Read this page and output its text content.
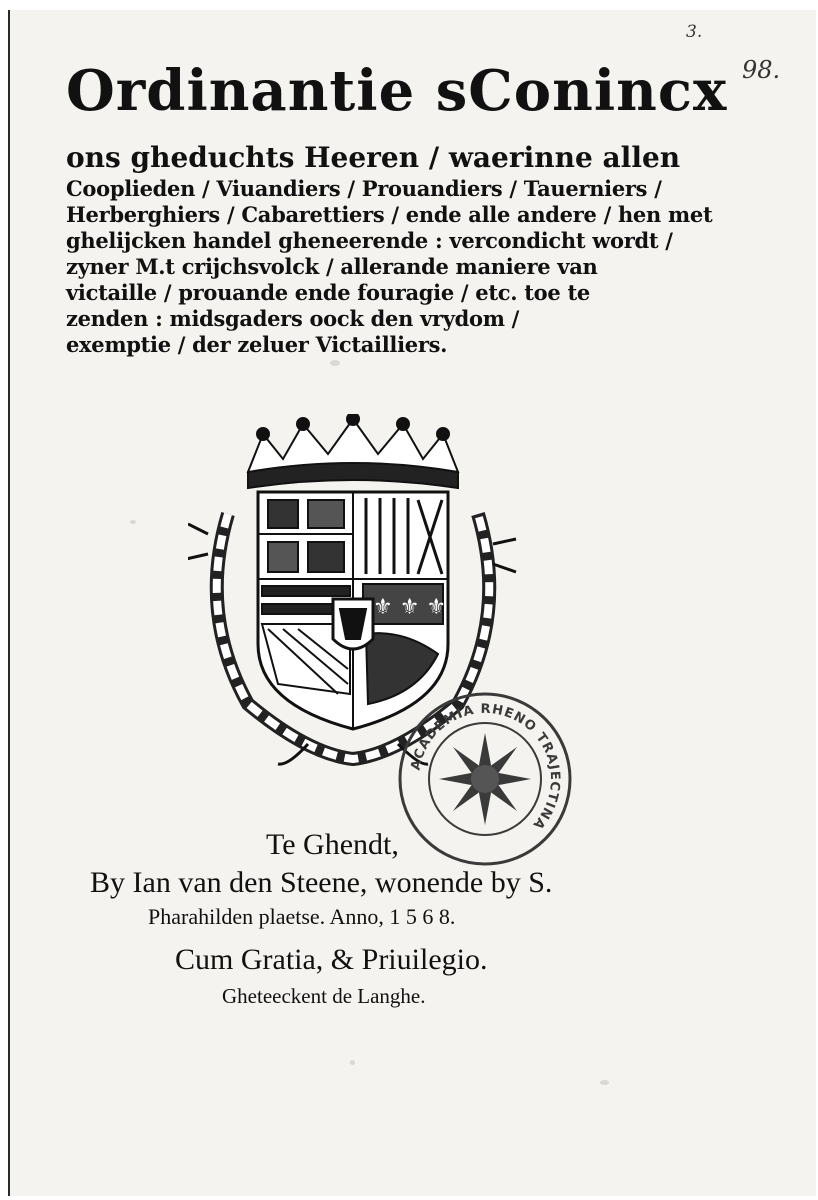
3.
98.
Ordinantie sConincx
ons gheduchts Heeren / waerinne allen
Cooplieden / Viuandiers / Prouandiers / Tauerniers /
Herberghiers / Cabarettiers / ende alle andere / hen met
ghelijcken handel gheneerende : vercondicht wordt /
zyner M.t crijchsvolck / allerande maniere van
victaille / prouande ende fouragie / etc. toe te
zenden : midsgaders oock den vrydom /
exemptie / der zeluer Victailliers.
⚜ ⚜ ⚜
ACADEMIA RHENO TRAJECTINA
Te Ghendt,
By Ian van den Steene, wonende by S.
Pharahilden plaetse. Anno, 1 5 6 8.
Cum Gratia, & Priuilegio.
Gheteeckent de Langhe.
